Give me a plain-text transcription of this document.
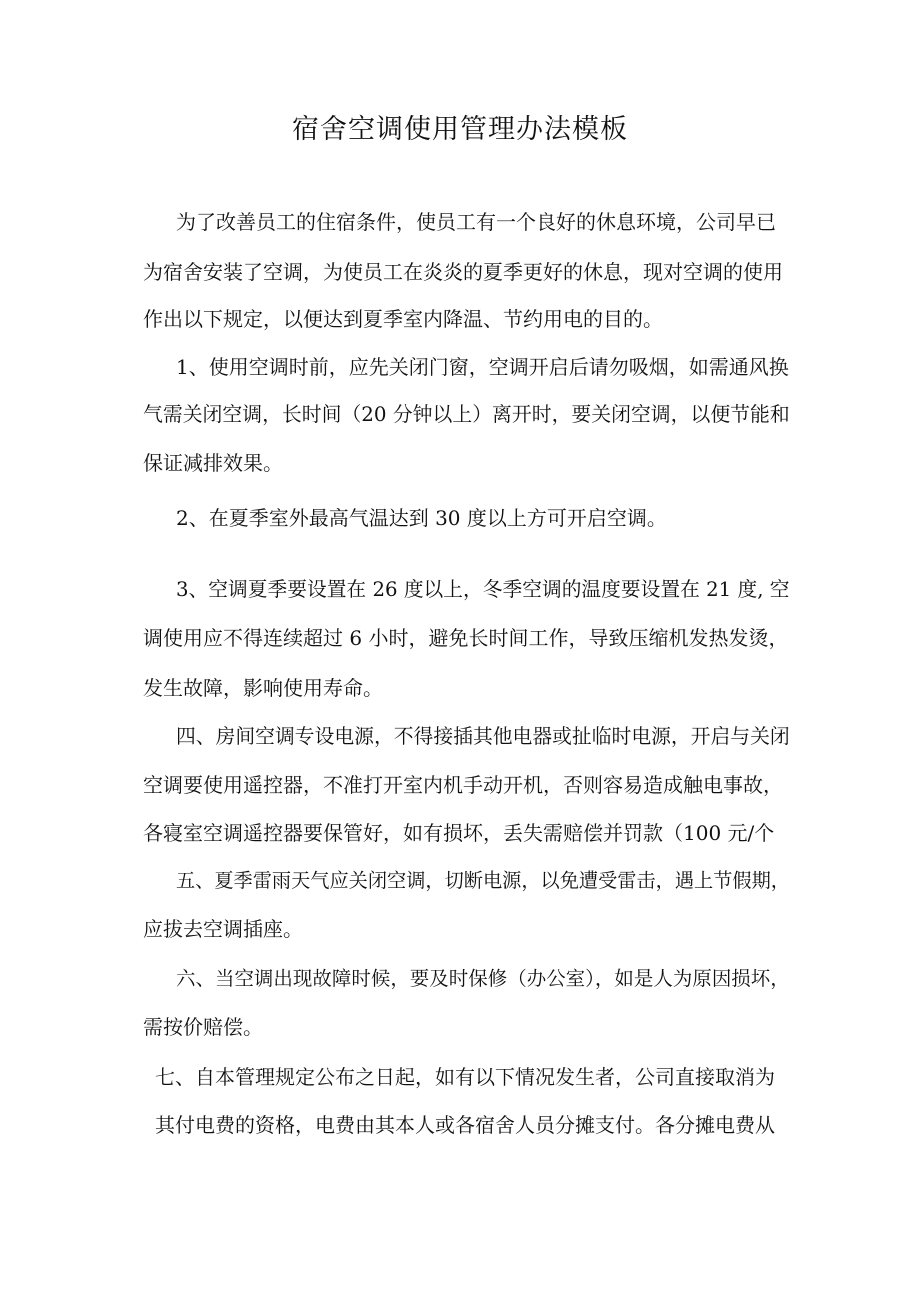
宿舍空调使用管理办法模板
为了改善员工的住宿条件，使员工有一个良好的休息环境，公司早已
为宿舍安装了空调，为使员工在炎炎的夏季更好的休息，现对空调的使用
作出以下规定，以便达到夏季室内降温、节约用电的目的。
1、使用空调时前，应先关闭门窗，空调开启后请勿吸烟，如需通风换
气需关闭空调，长时间（20 分钟以上）离开时，要关闭空调，以便节能和
保证减排效果。
2、在夏季室外最高气温达到 30 度以上方可开启空调。
3、空调夏季要设置在 26 度以上，冬季空调的温度要设置在 21 度, 空
调使用应不得连续超过 6 小时，避免长时间工作，导致压缩机发热发烫，
发生故障，影响使用寿命。
四、房间空调专设电源，不得接插其他电器或扯临时电源，开启与关闭
空调要使用遥控器，不准打开室内机手动开机，否则容易造成触电事故，
各寝室空调遥控器要保管好，如有损坏，丢失需赔偿并罚款（100 元/个
五、夏季雷雨天气应关闭空调，切断电源，以免遭受雷击，遇上节假期，
应拔去空调插座。
六、当空调出现故障时候，要及时保修（办公室），如是人为原因损坏，
需按价赔偿。
七、自本管理规定公布之日起，如有以下情况发生者，公司直接取消为
其付电费的资格，电费由其本人或各宿舍人员分摊支付。各分摊电费从
